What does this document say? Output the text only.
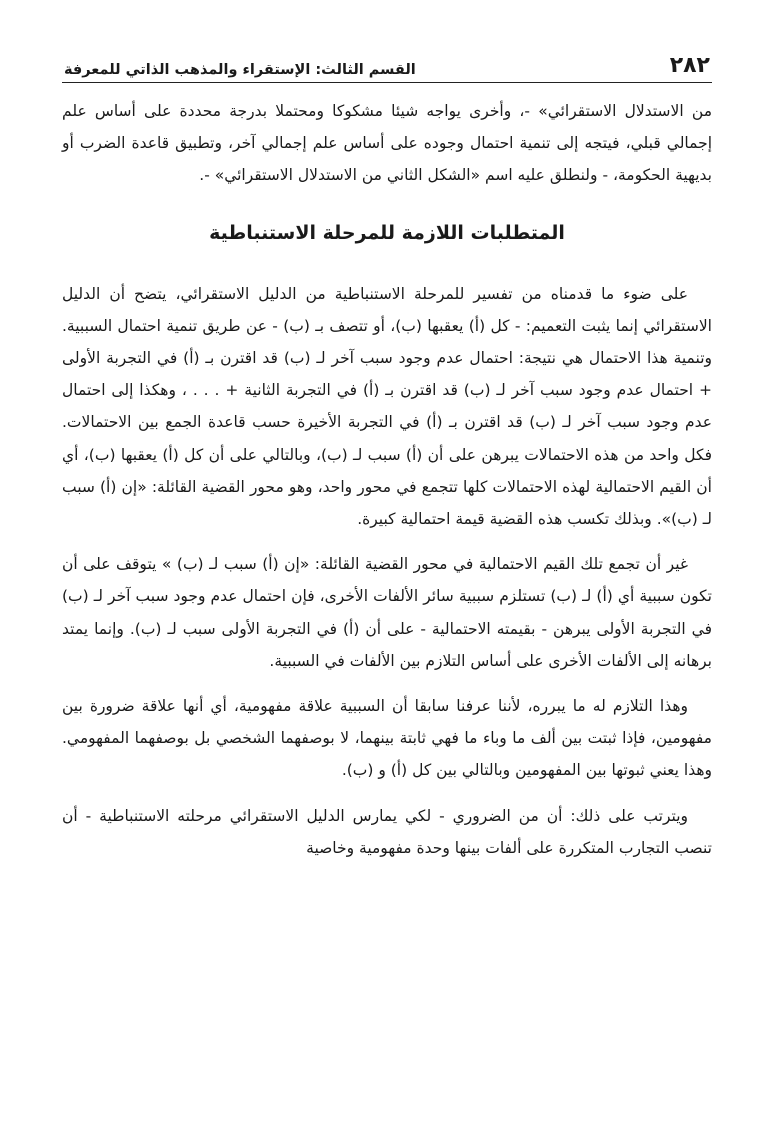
٢٨٢
القسم الثالث: الإستقراء والمذهب الذاتي للمعرفة

من الاستدلال الاستقرائي» -، وأخرى يواجه شيئا مشكوكا ومحتملا بدرجة محددة على أساس علم إجمالي قبلي، فيتجه إلى تنمية احتمال وجوده على أساس علم إجمالي آخر، وتطبيق قاعدة الضرب أو بديهية الحكومة، - ولنطلق عليه اسم «الشكل الثاني من الاستدلال الاستقرائي» -.

المتطلبات اللازمة للمرحلة الاستنباطية

على ضوء ما قدمناه من تفسير للمرحلة الاستنباطية من الدليل الاستقرائي، يتضح أن الدليل الاستقرائي إنما يثبت التعميم: - كل (أ) يعقبها (ب)، أو تتصف بـ (ب) - عن طريق تنمية احتمال السببية. وتنمية هذا الاحتمال هي نتيجة: احتمال عدم وجود سبب آخر لـ (ب) قد اقترن بـ (أ) في التجربة الأولى + احتمال عدم وجود سبب آخر لـ (ب) قد اقترن بـ (أ) في التجربة الثانية + . . . ، وهكذا إلى احتمال عدم وجود سبب آخر لـ (ب) قد اقترن بـ (أ) في التجربة الأخيرة حسب قاعدة الجمع بين الاحتمالات. فكل واحد من هذه الاحتمالات يبرهن على أن (أ) سبب لـ (ب)، وبالتالي على أن كل (أ) يعقبها (ب)، أي أن القيم الاحتمالية لهذه الاحتمالات كلها تتجمع في محور واحد، وهو محور القضية القائلة: «إن (أ) سبب لـ (ب)». وبذلك تكسب هذه القضية قيمة احتمالية كبيرة.

غير أن تجمع تلك القيم الاحتمالية في محور القضية القائلة: «إن (أ) سبب لـ (ب) » يتوقف على أن تكون سببية أي (أ) لـ (ب) تستلزم سببية سائر الألفات الأخرى، فإن احتمال عدم وجود سبب آخر لـ (ب) في التجربة الأولى يبرهن - بقيمته الاحتمالية - على أن (أ) في التجربة الأولى سبب لـ (ب). وإنما يمتد برهانه إلى الألفات الأخرى على أساس التلازم بين الألفات في السببية.

وهذا التلازم له ما يبرره، لأننا عرفنا سابقا أن السببية علاقة مفهومية، أي أنها علاقة ضرورة بين مفهومين، فإذا ثبتت بين ألف ما وباء ما فهي ثابتة بينهما، لا بوصفهما الشخصي بل بوصفهما المفهومي. وهذا يعني ثبوتها بين المفهومين وبالتالي بين كل (أ) و (ب).

ويترتب على ذلك: أن من الضروري - لكي يمارس الدليل الاستقرائي مرحلته الاستنباطية - أن تنصب التجارب المتكررة على ألفات بينها وحدة مفهومية وخاصية
